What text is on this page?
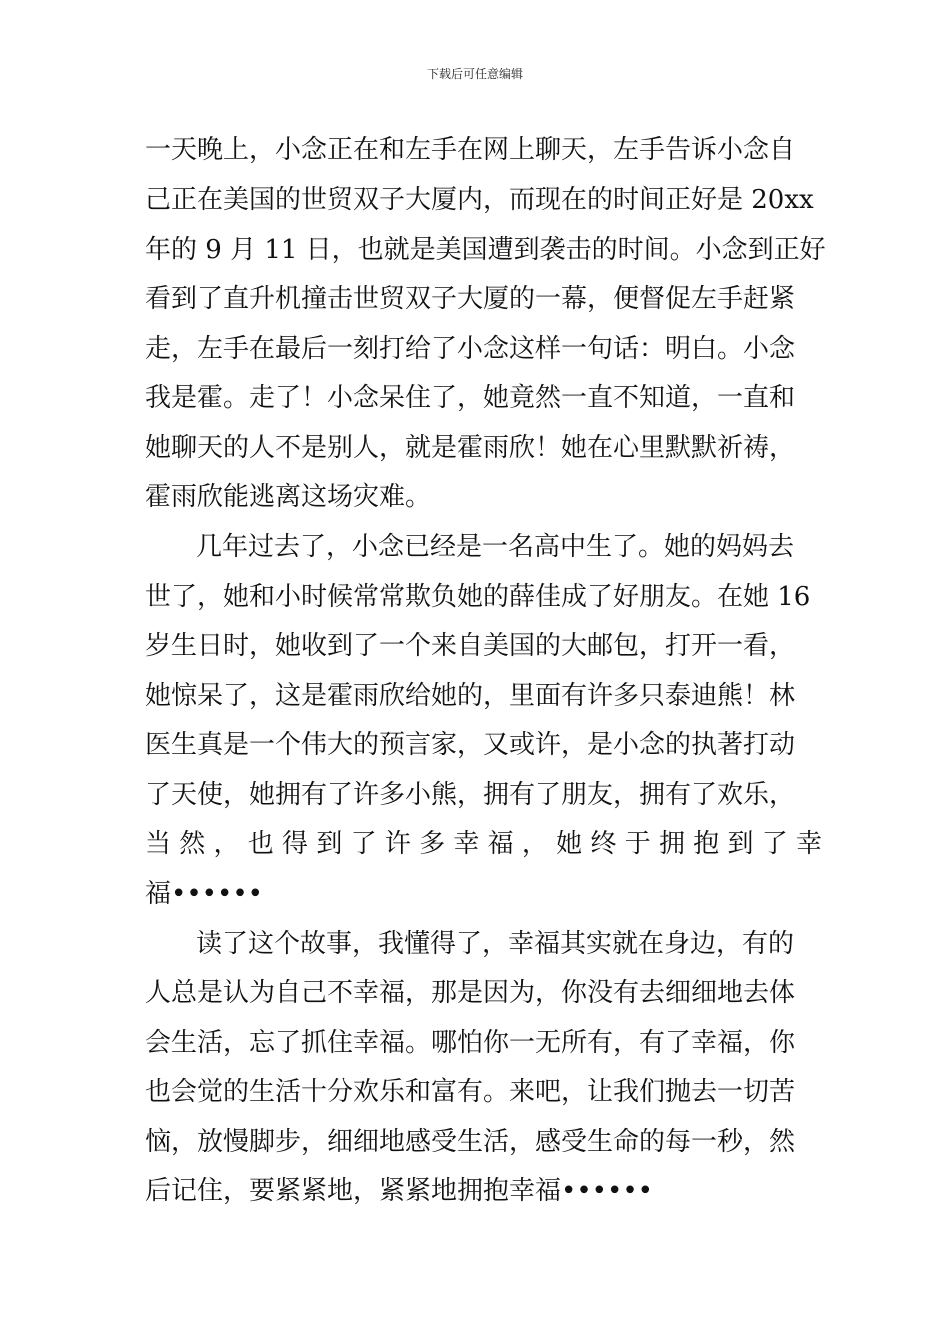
下载后可任意编辑
一天晚上，小念正在和左手在网上聊天，左手告诉小念自
己正在美国的世贸双子大厦内，而现在的时间正好是 20xx
年的 9 月 11 日，也就是美国遭到袭击的时间。小念到正好
看到了直升机撞击世贸双子大厦的一幕，便督促左手赶紧
走，左手在最后一刻打给了小念这样一句话：明白。小念
我是霍。走了！小念呆住了，她竟然一直不知道，一直和
她聊天的人不是别人，就是霍雨欣！她在心里默默祈祷，
霍雨欣能逃离这场灾难。
几年过去了，小念已经是一名高中生了。她的妈妈去
世了，她和小时候常常欺负她的薛佳成了好朋友。在她 16
岁生日时，她收到了一个来自美国的大邮包，打开一看，
她惊呆了，这是霍雨欣给她的，里面有许多只泰迪熊！林
医生真是一个伟大的预言家，又或许，是小念的执著打动
了天使，她拥有了许多小熊，拥有了朋友，拥有了欢乐，
当 然 ， 也 得 到 了 许 多 幸 福 ， 她 终 于 拥 抱 到 了 幸
福••••••
读了这个故事，我懂得了，幸福其实就在身边，有的
人总是认为自己不幸福，那是因为，你没有去细细地去体
会生活，忘了抓住幸福。哪怕你一无所有，有了幸福，你
也会觉的生活十分欢乐和富有。来吧，让我们抛去一切苦
恼，放慢脚步，细细地感受生活，感受生命的每一秒，然
后记住，要紧紧地，紧紧地拥抱幸福••••••
